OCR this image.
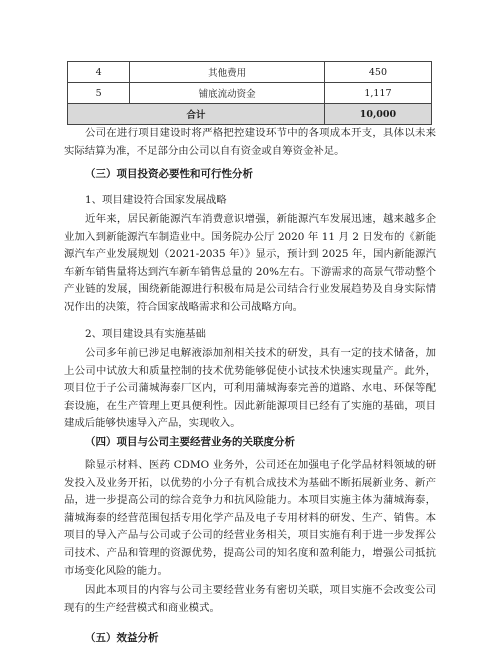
4	其他费用	450
5	铺底流动资金	1,117
合计		10,000

公司在进行项目建设时将严格把控建设环节中的各项成本开支，具体以未来实际结算为准，不足部分由公司以自有资金或自筹资金补足。

（三）项目投资必要性和可行性分析

1、项目建设符合国家发展战略

近年来，居民新能源汽车消费意识增强，新能源汽车发展迅速，越来越多企业加入到新能源汽车制造业中。国务院办公厅 2020 年 11 月 2 日发布的《新能源汽车产业发展规划（2021-2035 年）》显示，预计到 2025 年，国内新能源汽车新车销售量将达到汽车新车销售总量的 20%左右。下游需求的高景气带动整个产业链的发展，围绕新能源进行积极布局是公司结合行业发展趋势及自身实际情况作出的决策，符合国家战略需求和公司战略方向。

2、项目建设具有实施基础

公司多年前已涉足电解液添加剂相关技术的研发，具有一定的技术储备，加上公司中试放大和质量控制的技术优势能够促使小试技术快速实现量产。此外，项目位于子公司蒲城海泰厂区内，可利用蒲城海泰完善的道路、水电、环保等配套设施，在生产管理上更具便利性。因此新能源项目已经有了实施的基础，项目建成后能够快速导入产品，实现收入。

（四）项目与公司主要经营业务的关联度分析

除显示材料、医药 CDMO 业务外，公司还在加强电子化学品材料领域的研发投入及业务开拓，以优势的小分子有机合成技术为基础不断拓展新业务、新产品，进一步提高公司的综合竞争力和抗风险能力。本项目实施主体为蒲城海泰，蒲城海泰的经营范围包括专用化学产品及电子专用材料的研发、生产、销售。本项目的导入产品与公司或子公司的经营业务相关，项目实施有利于进一步发挥公司技术、产品和管理的资源优势，提高公司的知名度和盈利能力，增强公司抵抗市场变化风险的能力。

因此本项目的内容与公司主要经营业务有密切关联，项目实施不会改变公司现有的生产经营模式和商业模式。

（五）效益分析
